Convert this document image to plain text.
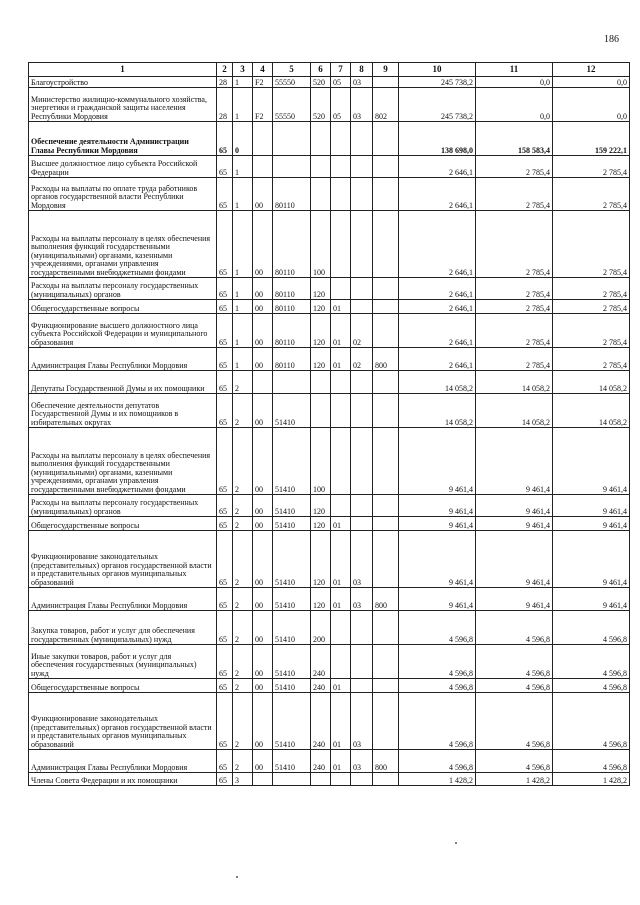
186
1	2	3	4	5	6	7	8	9	10	11	12
Благоустройство	28	1	F2	55550	520	05	03		245 738,2	0,0	0,0
Министерство жилищно-коммунального хозяйства, энергетики и гражданской защиты населения Республики Мордовия	28	1	F2	55550	520	05	03	802	245 738,2	0,0	0,0
Обеспечение деятельности Администрации Главы Республики Мордовия	65	0							138 698,0	158 583,4	159 222,1
Высшее должностное лицо субъекта Российской Федерации	65	1							2 646,1	2 785,4	2 785,4
Расходы на выплаты по оплате труда работников органов государственной власти Республики Мордовия	65	1	00	80110					2 646,1	2 785,4	2 785,4
Расходы на выплаты персоналу в целях обеспечения выполнения функций государственными (муниципальными) органами, казенными учреждениями, органами управления государственными внебюджетными фондами	65	1	00	80110	100				2 646,1	2 785,4	2 785,4
Расходы на выплаты персоналу государственных (муниципальных) органов	65	1	00	80110	120				2 646,1	2 785,4	2 785,4
Общегосударственные вопросы	65	1	00	80110	120	01			2 646,1	2 785,4	2 785,4
Функционирование высшего должностного лица субъекта Российской Федерации и муниципального образования	65	1	00	80110	120	01	02		2 646,1	2 785,4	2 785,4
Администрация Главы Республики Мордовия	65	1	00	80110	120	01	02	800	2 646,1	2 785,4	2 785,4
Депутаты Государственной Думы и их помощники	65	2							14 058,2	14 058,2	14 058,2
Обеспечение деятельности депутатов Государственной Думы и их помощников в избирательных округах	65	2	00	51410					14 058,2	14 058,2	14 058,2
Расходы на выплаты персоналу в целях обеспечения выполнения функций государственными (муниципальными) органами, казенными учреждениями, органами управления государственными внебюджетными фондами	65	2	00	51410	100				9 461,4	9 461,4	9 461,4
Расходы на выплаты персоналу государственных (муниципальных) органов	65	2	00	51410	120				9 461,4	9 461,4	9 461,4
Общегосударственные вопросы	65	2	00	51410	120	01			9 461,4	9 461,4	9 461,4
Функционирование законодательных (представительных) органов государственной власти и представительных органов муниципальных образований	65	2	00	51410	120	01	03		9 461,4	9 461,4	9 461,4
Администрация Главы Республики Мордовия	65	2	00	51410	120	01	03	800	9 461,4	9 461,4	9 461,4
Закупка товаров, работ и услуг для обеспечения государственных (муниципальных) нужд	65	2	00	51410	200				4 596,8	4 596,8	4 596,8
Иные закупки товаров, работ и услуг для обеспечения государственных (муниципальных) нужд	65	2	00	51410	240				4 596,8	4 596,8	4 596,8
Общегосударственные вопросы	65	2	00	51410	240	01			4 596,8	4 596,8	4 596,8
Функционирование законодательных (представительных) органов государственной власти и представительных органов муниципальных образований	65	2	00	51410	240	01	03		4 596,8	4 596,8	4 596,8
Администрация Главы Республики Мордовия	65	2	00	51410	240	01	03	800	4 596,8	4 596,8	4 596,8
Члены Совета Федерации и их помощники	65	3							1 428,2	1 428,2	1 428,2
